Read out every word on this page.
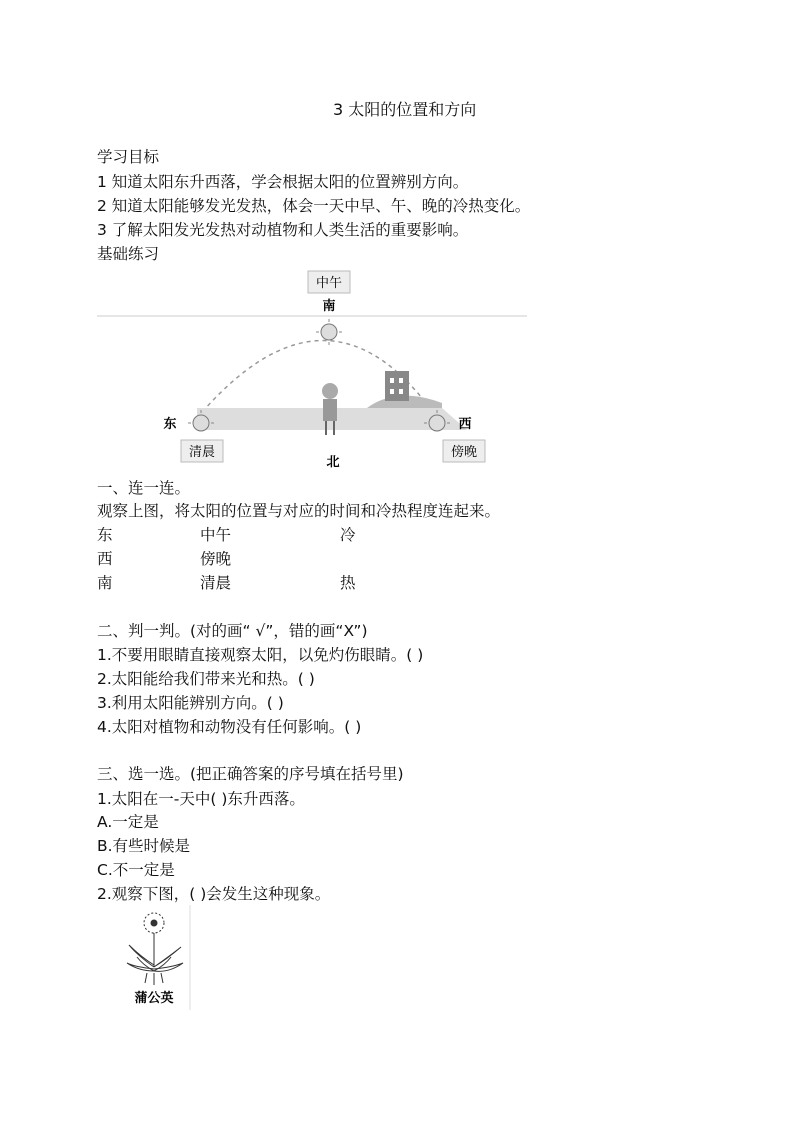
3 太阳的位置和方向
学习目标
1 知道太阳东升西落，学会根据太阳的位置辨别方向。
2 知道太阳能够发光发热，体会一天中早、午、晚的冷热变化。
3 了解太阳发光发热对动植物和人类生活的重要影响。
基础练习
中午
南
东	西
清晨	傍晚
北
一、连一连。
观察上图，将太阳的位置与对应的时间和冷热程度连起来。
东
西
南
中午
傍晚
清晨
冷
热
二、判一判。(对的画“ √”，错的画“X”)
1.不要用眼睛直接观察太阳，以免灼伤眼睛。( )
2.太阳能给我们带来光和热。( )
3.利用太阳能辨别方向。( )
4.太阳对植物和动物没有任何影响。( )
三、选一选。(把正确答案的序号填在括号里)
1.太阳在一-天中( )东升西落。
A.一定是
B.有些时候是
C.不一定是
2.观察下图，( )会发生这种现象。
蒲公英
